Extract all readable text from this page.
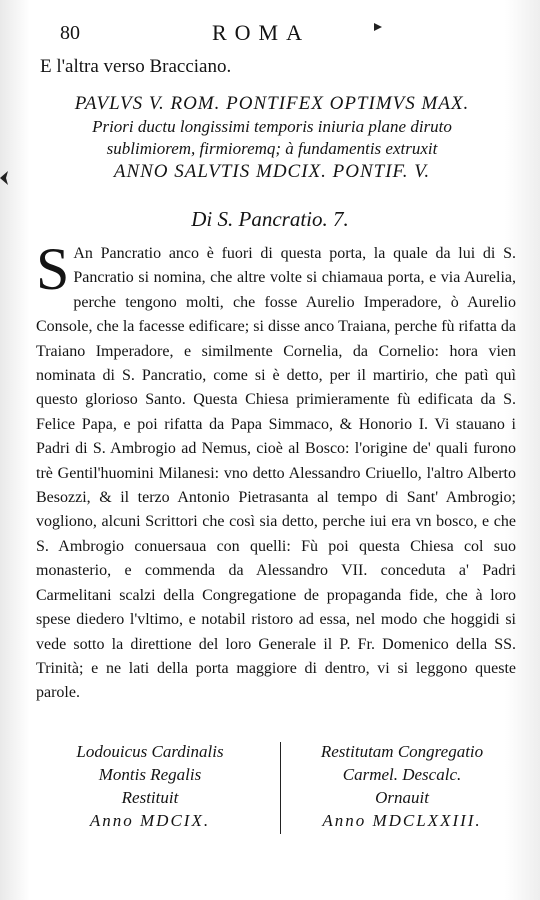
80	ROMA
E l'altra verso Bracciano.
PAVLVS V. ROM. PONTIFEX OPTIMVS MAX.
Priori ductu longissimi temporis iniuria plane diruto
sublimiorem, firmioremq; à fundamentis extruxit
ANNO SALVTIS MDCIX. PONTIF. V.
Di S. Pancratio. 7.
S An Pancratio anco è fuori di questa porta, la quale da lui di S. Pancratio si nomina, che altre volte si chiamaua porta, e via Aurelia, perche tengono molti, che fosse Aurelio Imperadore, ò Aurelio Console, che la facesse edificare; si disse anco Traiana, perche fù rifatta da Traiano Imperadore, e similmente Cornelia, da Cornelio: hora vien nominata di S. Pancratio, come si è detto, per il martirio, che patì quì questo glorioso Santo. Questa Chiesa primieramente fù edificata da S. Felice Papa, e poi rifatta da Papa Simmaco, & Honorio I. Vi stauano i Padri di S. Ambrogio ad Nemus, cioè al Bosco: l'origine de' quali furono trè Gentil'huomini Milanesi: vno detto Alessandro Criuello, l'altro Alberto Besozzi, & il terzo Antonio Pietrasanta al tempo di Sant' Ambrogio; vogliono, alcuni Scrittori che così sia detto, perche iui era vn bosco, e che S. Ambrogio conuersaua con quelli: Fù poi questa Chiesa col suo monasterio, e commenda da Alessandro VII. conceduta a' Padri Carmelitani scalzi della Congregatione de propaganda fide, che à loro spese diedero l'vltimo, e notabil ristoro ad essa, nel modo che hoggidi si vede sotto la direttione del loro Generale il P. Fr. Domenico della SS. Trinità; e ne lati della porta maggiore di dentro, vi si leggono queste parole.

Lodouicus Cardinalis
Montis Regalis
Restituit
Anno MDCIX.
Restitutam Congregatio
Carmel. Descalc.
Ornauit
Anno MDCLXXIII.
